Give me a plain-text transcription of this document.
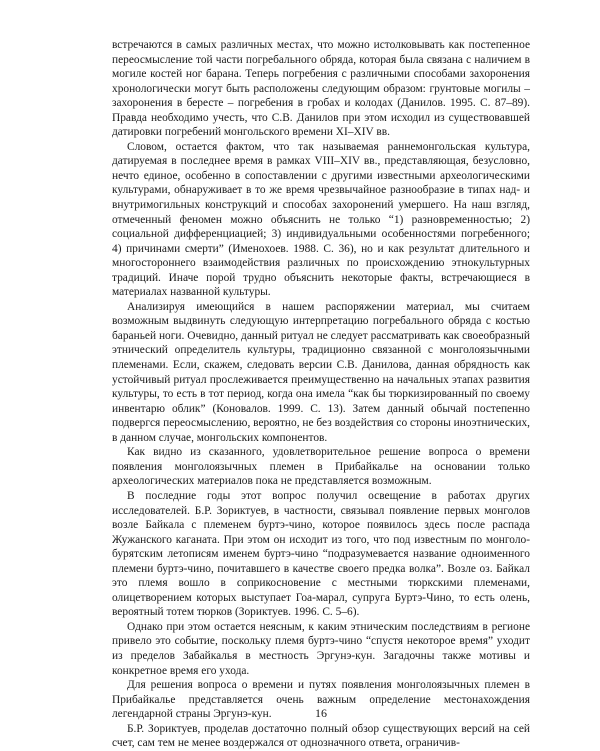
встречаются в самых различных местах, что можно истолковывать как постепенное переосмысление той части погребального обряда, которая была связана с наличием в могиле костей ног барана. Теперь погребения с различными способами захоронения хронологически могут быть расположены следующим образом: грунтовые могилы – захоронения в бересте – погребения в гробах и колодах (Данилов. 1995. С. 87–89). Правда необходимо учесть, что С.В. Данилов при этом исходил из существовавшей датировки погребений монгольского времени XI–XIV вв.

Словом, остается фактом, что так называемая раннемонгольская культура, датируемая в последнее время в рамках VIII–XIV вв., представляющая, безусловно, нечто единое, особенно в сопоставлении с другими известными археологическими культурами, обнаруживает в то же время чрезвычайное разнообразие в типах над- и внутримогильных конструкций и способах захоронений умершего. На наш взгляд, отмеченный феномен можно объяснить не только “1) разновременностью; 2) социальной дифференциацией; 3) индивидуальными особенностями погребенного; 4) причинами смерти” (Именохоев. 1988. С. 36), но и как результат длительного и многостороннего взаимодействия различных по происхождению этнокультурных традиций. Иначе порой трудно объяснить некоторые факты, встречающиеся в материалах названной культуры.

Анализируя имеющийся в нашем распоряжении материал, мы считаем возможным выдвинуть следующую интерпретацию погребального обряда с костью бараньей ноги. Очевидно, данный ритуал не следует рассматривать как своеобразный этнический определитель культуры, традиционно связанной с монголоязычными племенами. Если, скажем, следовать версии С.В. Данилова, данная обрядность как устойчивый ритуал прослеживается преимущественно на начальных этапах развития культуры, то есть в тот период, когда она имела “как бы тюркизированный по своему инвентарю облик” (Коновалов. 1999. С. 13). Затем данный обычай постепенно подвергся переосмыслению, вероятно, не без воздействия со стороны иноэтнических, в данном случае, монгольских компонентов.

Как видно из сказанного, удовлетворительное решение вопроса о времени появления монголоязычных племен в Прибайкалье на основании только археологических материалов пока не представляется возможным.

В последние годы этот вопрос получил освещение в работах других исследователей. Б.Р. Зориктуев, в частности, связывал появление первых монголов возле Байкала с племенем буртэ-чино, которое появилось здесь после распада Жужанского каганата. При этом он исходит из того, что под известным по монголо-бурятским летописям именем буртэ-чино “подразумевается название одноименного племени буртэ-чино, почитавшего в качестве своего предка волка”. Возле оз. Байкал это племя вошло в соприкосновение с местными тюркскими племенами, олицетворением которых выступает Гоа-марал, супруга Буртэ-Чино, то есть олень, вероятный тотем тюрков (Зориктуев. 1996. С. 5–6).

Однако при этом остается неясным, к каким этническим последствиям в регионе привело это событие, поскольку племя буртэ-чино “спустя некоторое время” уходит из пределов Забайкалья в местность Эргунэ-кун. Загадочны также мотивы и конкретное время его ухода.

Для решения вопроса о времени и путях появления монголоязычных племен в Прибайкалье представляется очень важным определение местонахождения легендарной страны Эргунэ-кун.

Б.Р. Зориктуев, проделав достаточно полный обзор существующих версий на сей счет, сам тем не менее воздержался от однозначного ответа, ограничив-

16
